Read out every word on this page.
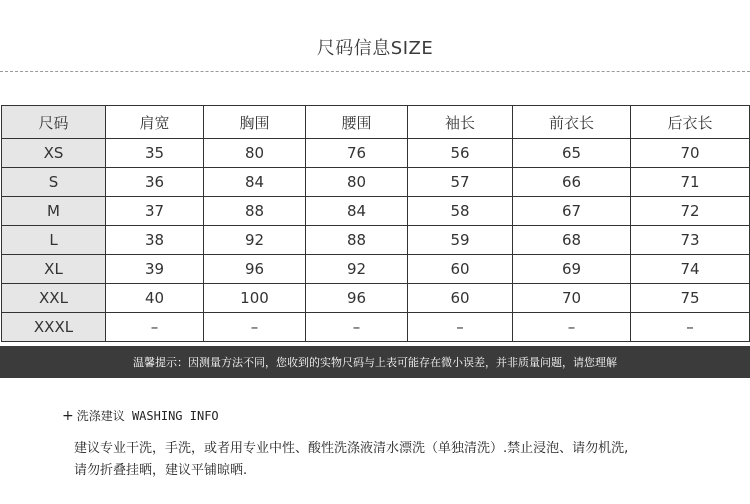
尺码信息SIZE
尺码	肩宽	胸围	腰围	袖长	前衣长	后衣长
XS	35	80	76	56	65	70
S	36	84	80	57	66	71
M	37	88	84	58	67	72
L	38	92	88	59	68	73
XL	39	96	92	60	69	74
XXL	40	100	96	60	70	75
XXXL	–	–	–	–	–	–
温馨提示：因测量方法不同，您收到的实物尺码与上表可能存在微小误差，并非质量问题，请您理解
+ 洗涤建议 WASHING INFO
建议专业干洗，手洗，或者用专业中性、酸性洗涤液清水漂洗（单独清洗）.禁止浸泡、请勿机洗,
请勿折叠挂晒，建议平铺晾晒.
